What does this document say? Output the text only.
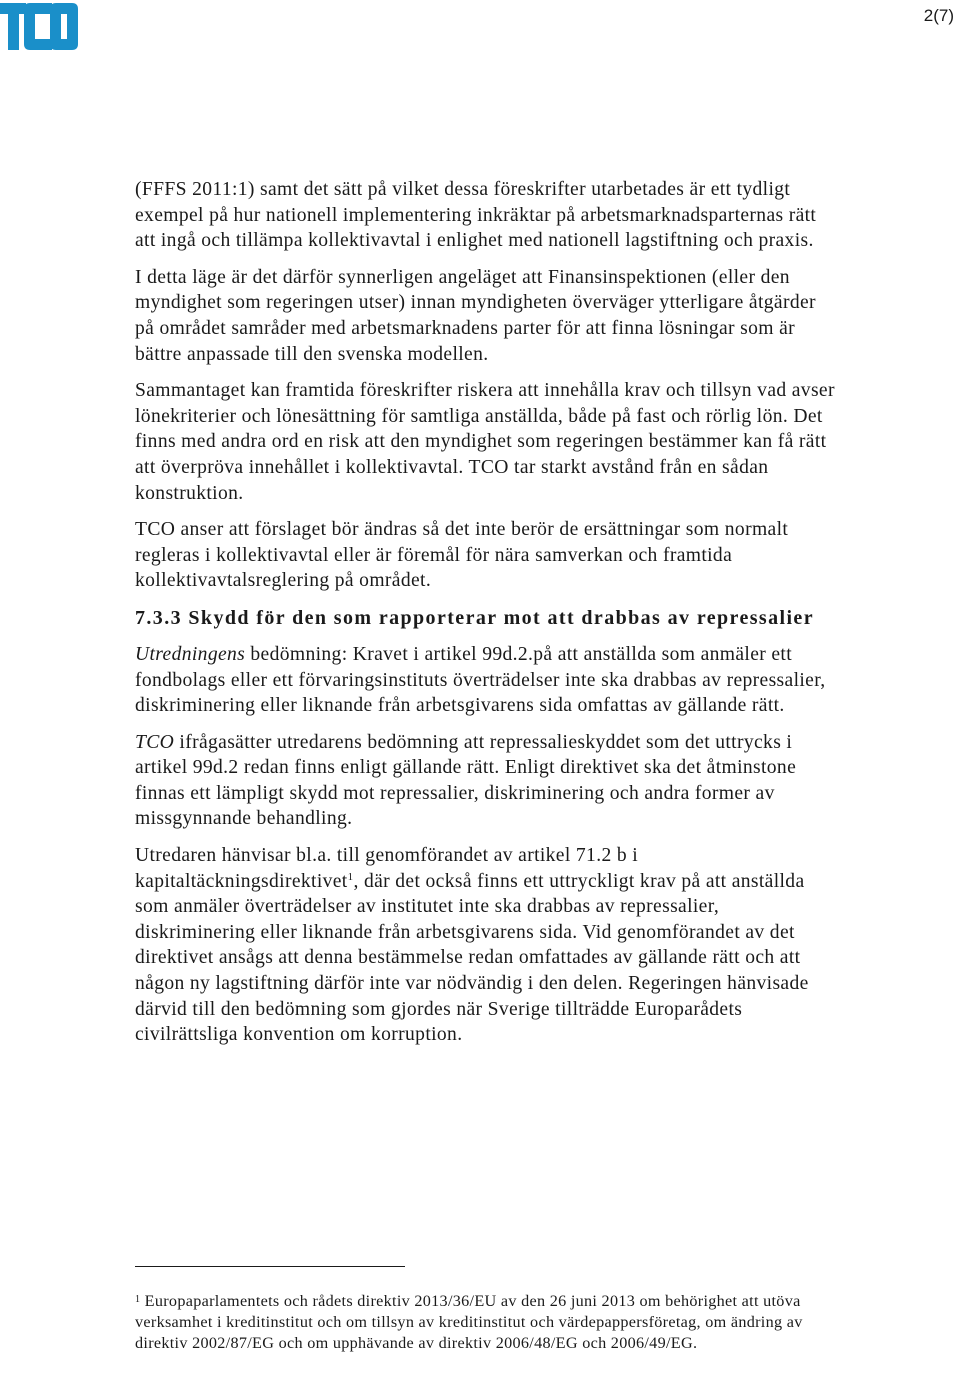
2(7)

(FFFS 2011:1) samt det sätt på vilket dessa föreskrifter utarbetades är ett tydligt exempel på hur nationell implementering inkräktar på arbetsmarknadsparternas rätt att ingå och tillämpa kollektivavtal i enlighet med nationell lagstiftning och praxis.

I detta läge är det därför synnerligen angeläget att Finansinspektionen (eller den myndighet som regeringen utser) innan myndigheten överväger ytterligare åtgärder på området samråder med arbetsmarknadens parter för att finna lösningar som är bättre anpassade till den svenska modellen.

Sammantaget kan framtida föreskrifter riskera att innehålla krav och tillsyn vad avser lönekriterier och lönesättning för samtliga anställda, både på fast och rörlig lön. Det finns med andra ord en risk att den myndighet som regeringen bestämmer kan få rätt att överpröva innehållet i kollektivavtal. TCO tar starkt avstånd från en sådan konstruktion.

TCO anser att förslaget bör ändras så det inte berör de ersättningar som normalt regleras i kollektivavtal eller är föremål för nära samverkan och framtida kollektivavtalsreglering på området.

7.3.3 Skydd för den som rapporterar mot att drabbas av repressalier

Utredningens bedömning: Kravet i artikel 99d.2.på att anställda som anmäler ett fondbolags eller ett förvaringsinstituts överträdelser inte ska drabbas av repressalier, diskriminering eller liknande från arbetsgivarens sida omfattas av gällande rätt.

TCO ifrågasätter utredarens bedömning att repressalieskyddet som det uttrycks i artikel 99d.2 redan finns enligt gällande rätt. Enligt direktivet ska det åtminstone finnas ett lämpligt skydd mot repressalier, diskriminering och andra former av missgynnande behandling.

Utredaren hänvisar bl.a. till genomförandet av artikel 71.2 b i kapitaltäckningsdirektivet$^1$, där det också finns ett uttryckligt krav på att anställda som anmäler överträdelser av institutet inte ska drabbas av repressalier, diskriminering eller liknande från arbetsgivarens sida. Vid genomförandet av det direktivet ansågs att denna bestämmelse redan omfattades av gällande rätt och att någon ny lagstiftning därför inte var nödvändig i den delen. Regeringen hänvisade därvid till den bedömning som gjordes när Sverige tillträdde Europarådets civilrättsliga konvention om korruption.

$^1$ Europaparlamentets och rådets direktiv 2013/36/EU av den 26 juni 2013 om behörighet att utöva verksamhet i kreditinstitut och om tillsyn av kreditinstitut och värdepappersföretag, om ändring av direktiv 2002/87/EG och om upphävande av direktiv 2006/48/EG och 2006/49/EG.
